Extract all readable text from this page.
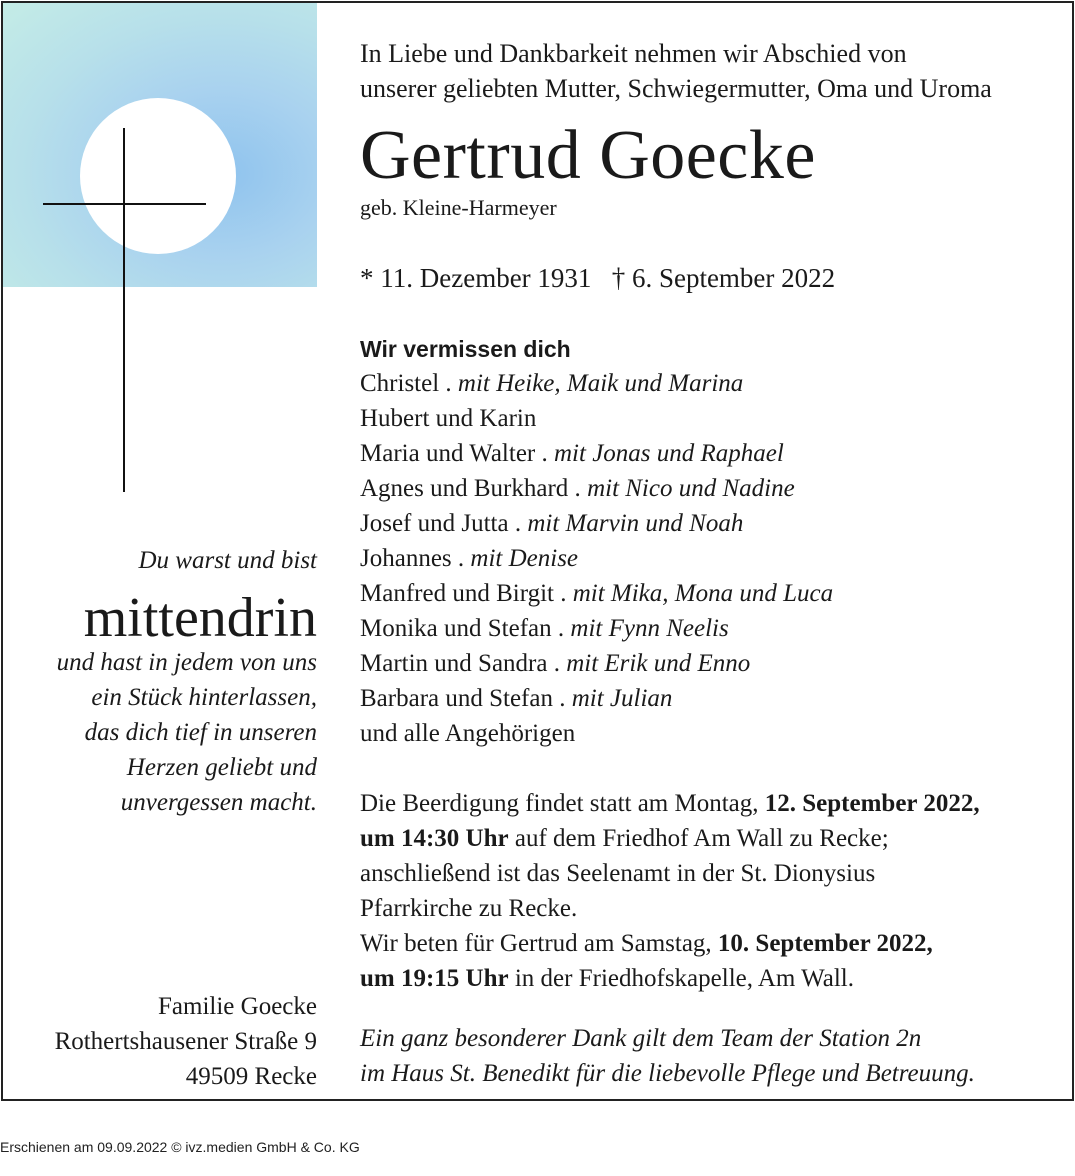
In Liebe und Dankbarkeit nehmen wir Abschied von
unserer geliebten Mutter, Schwiegermutter, Oma und Uroma
Gertrud Goecke
geb. Kleine-Harmeyer
* 11. Dezember 1931 † 6. September 2022
Wir vermissen dich
Christel . mit Heike, Maik und Marina
Hubert und Karin
Maria und Walter . mit Jonas und Raphael
Agnes und Burkhard . mit Nico und Nadine
Josef und Jutta . mit Marvin und Noah
Johannes . mit Denise
Manfred und Birgit . mit Mika, Mona und Luca
Monika und Stefan . mit Fynn Neelis
Martin und Sandra . mit Erik und Enno
Barbara und Stefan . mit Julian
und alle Angehörigen
Die Beerdigung findet statt am Montag, 12. September 2022,
um 14:30 Uhr auf dem Friedhof Am Wall zu Recke;
anschließend ist das Seelenamt in der St. Dionysius
Pfarrkirche zu Recke.
Wir beten für Gertrud am Samstag, 10. September 2022,
um 19:15 Uhr in der Friedhofskapelle, Am Wall.
Ein ganz besonderer Dank gilt dem Team der Station 2n
im Haus St. Benedikt für die liebevolle Pflege und Betreuung.
Du warst und bist
mittendrin
und hast in jedem von uns
ein Stück hinterlassen,
das dich tief in unseren
Herzen geliebt und
unvergessen macht.
Familie Goecke
Rothertshausener Straße 9
49509 Recke
Erschienen am 09.09.2022 © ivz.medien GmbH & Co. KG
